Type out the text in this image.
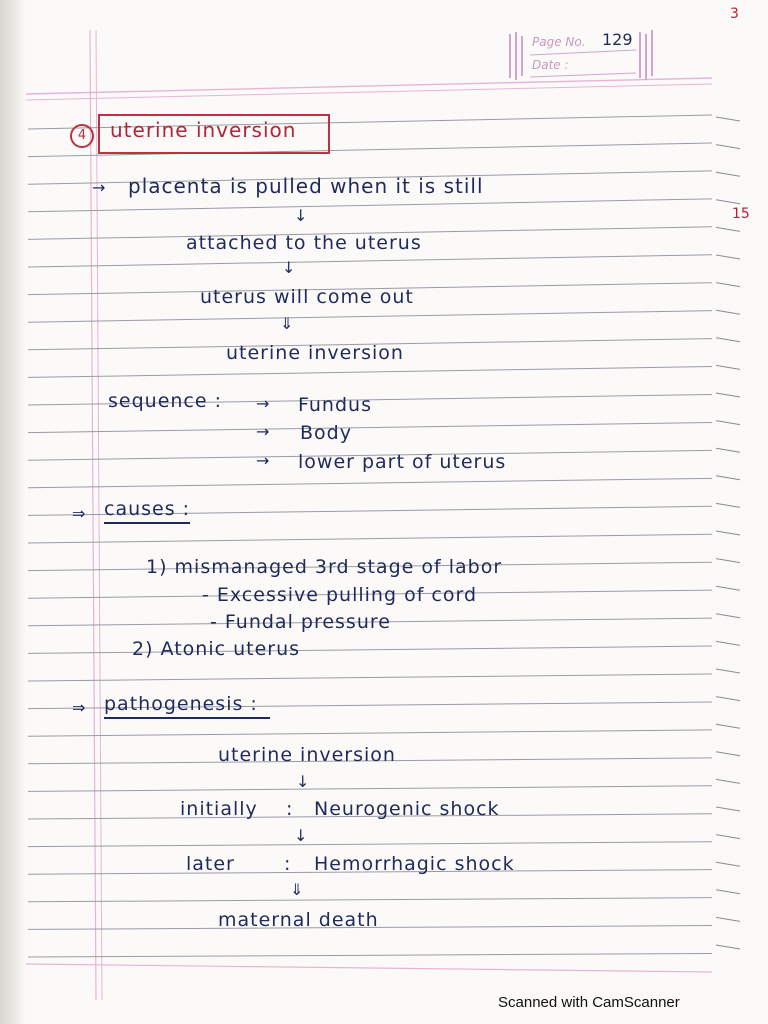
Page No. 129
Date :
3
15
4	uterine inversion
→ placenta is pulled when it is still
↓
attached to the uterus
↓
uterus will come out
⇓
uterine inversion
sequence : → Fundus
→ Body
→ lower part of uterus
⇒ causes :
1) mismanaged 3rd stage of labor
- Excessive pulling of cord
- Fundal pressure
2) Atonic uterus
⇒ pathogenesis :
uterine inversion
↓
initially : Neurogenic shock
↓
later	: Hemorrhagic shock
⇓
maternal death
Scanned with CamScanner
